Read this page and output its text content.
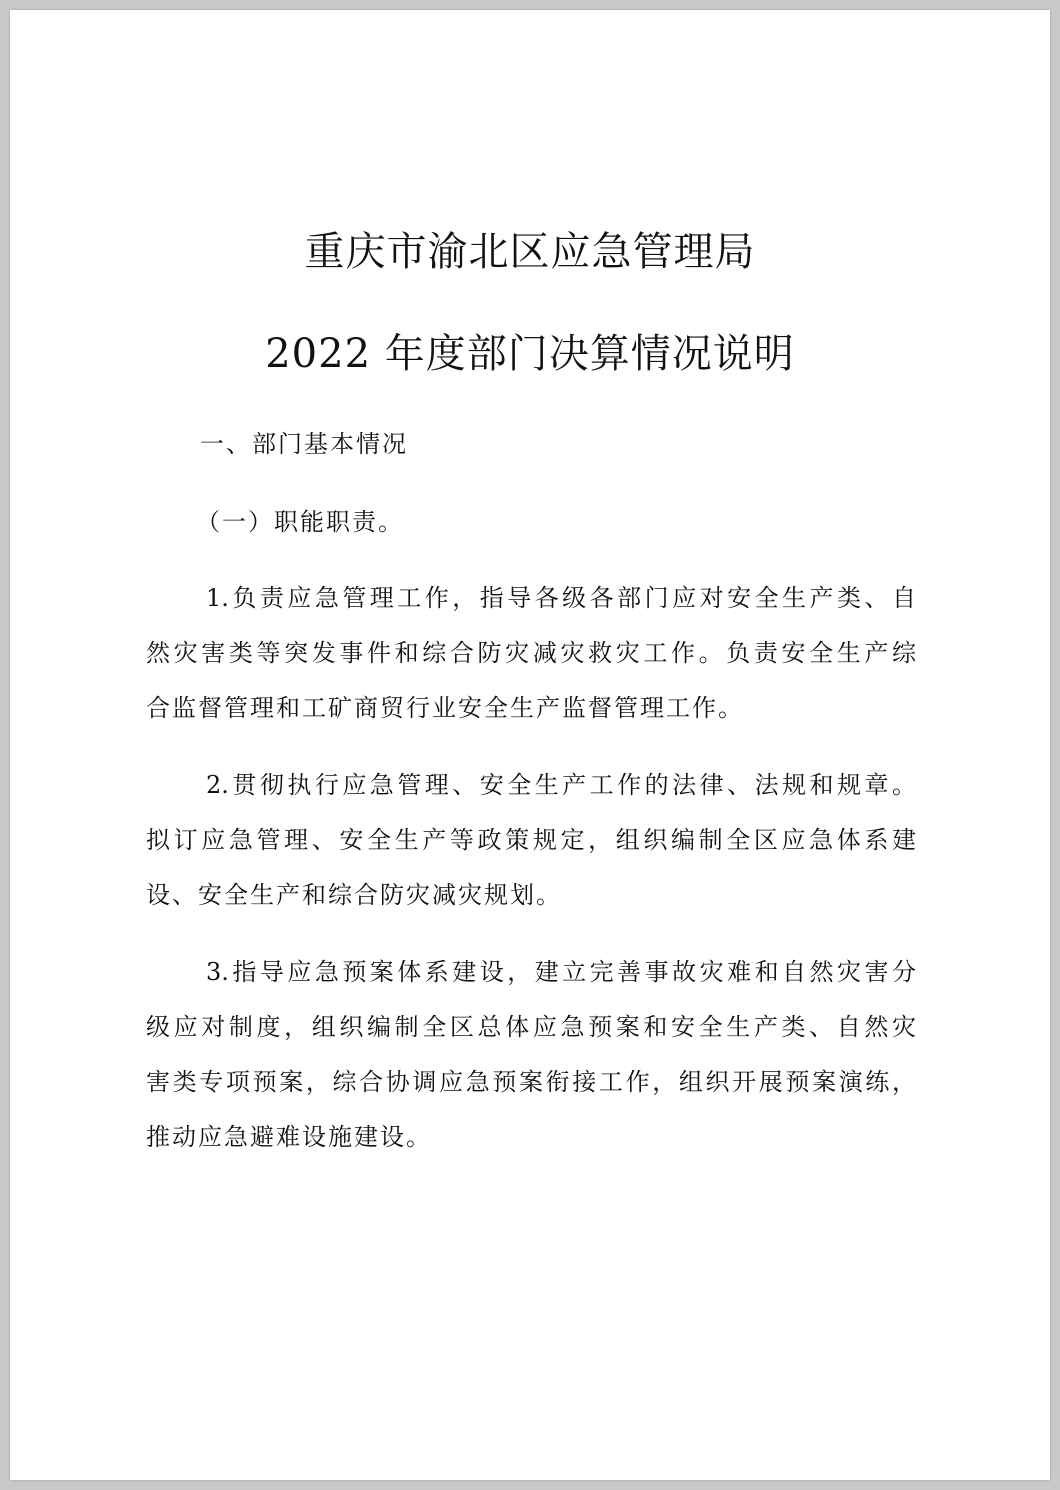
重庆市渝北区应急管理局
2022 年度部门决算情况说明
一、部门基本情况
（一）职能职责。
1.负责应急管理工作，指导各级各部门应对安全生产类、自
然灾害类等突发事件和综合防灾减灾救灾工作。负责安全生产综
合监督管理和工矿商贸行业安全生产监督管理工作。
2.贯彻执行应急管理、安全生产工作的法律、法规和规章。
拟订应急管理、安全生产等政策规定，组织编制全区应急体系建
设、安全生产和综合防灾减灾规划。
3.指导应急预案体系建设，建立完善事故灾难和自然灾害分
级应对制度，组织编制全区总体应急预案和安全生产类、自然灾
害类专项预案，综合协调应急预案衔接工作，组织开展预案演练，
推动应急避难设施建设。
